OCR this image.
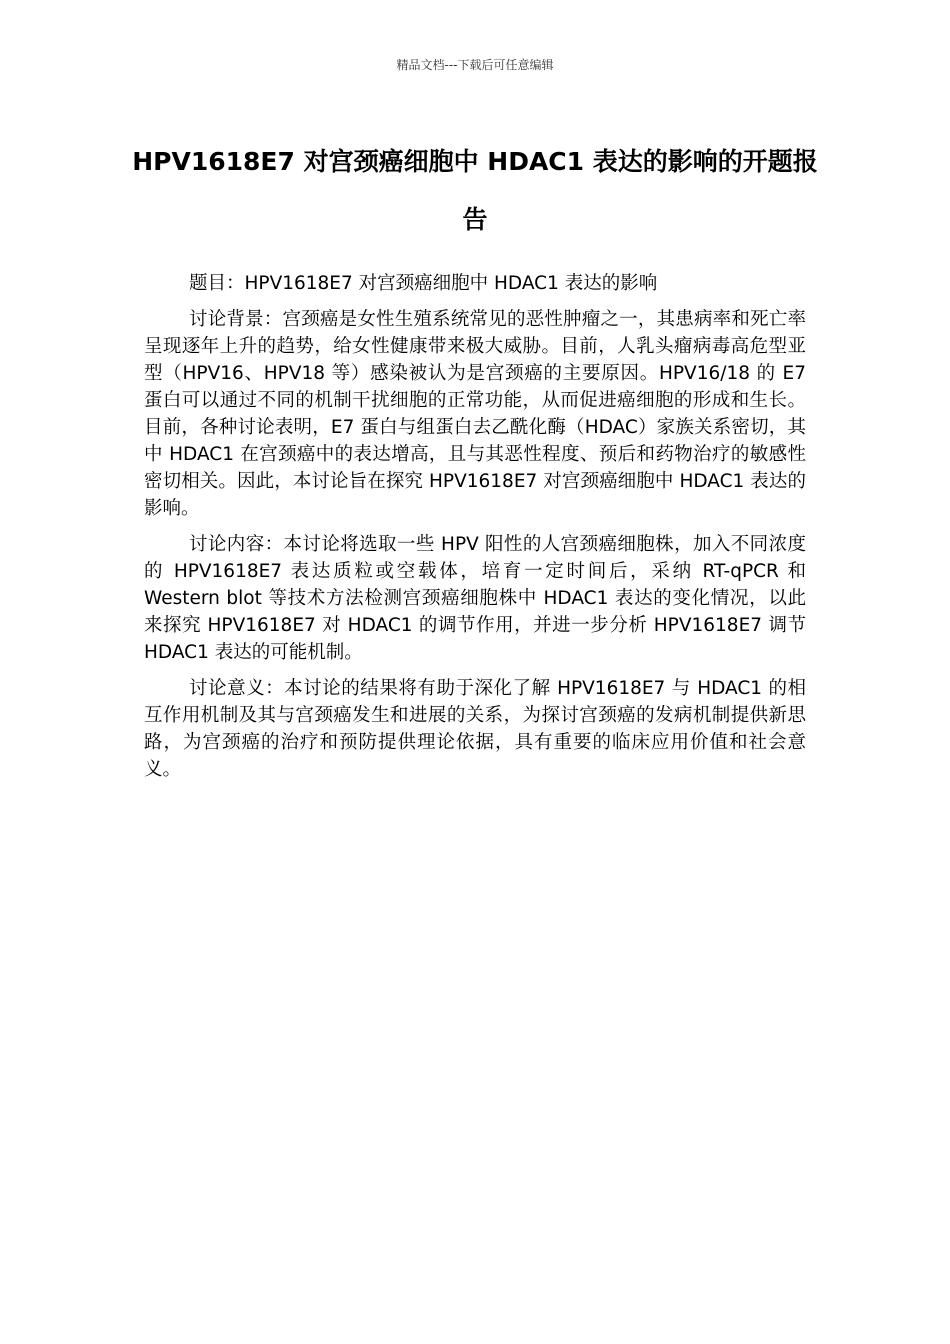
精品文档---下载后可任意编辑
HPV1618E7 对宫颈癌细胞中 HDAC1 表达的影响的开题报告

题目：HPV1618E7 对宫颈癌细胞中 HDAC1 表达的影响

讨论背景：宫颈癌是女性生殖系统常见的恶性肿瘤之一，其患病率和死亡率呈现逐年上升的趋势，给女性健康带来极大威胁。目前，人乳头瘤病毒高危型亚型（HPV16、HPV18 等）感染被认为是宫颈癌的主要原因。HPV16/18 的 E7 蛋白可以通过不同的机制干扰细胞的正常功能，从而促进癌细胞的形成和生长。目前，各种讨论表明，E7 蛋白与组蛋白去乙酰化酶（HDAC）家族关系密切，其中 HDAC1 在宫颈癌中的表达增高，且与其恶性程度、预后和药物治疗的敏感性密切相关。因此，本讨论旨在探究 HPV1618E7 对宫颈癌细胞中 HDAC1 表达的影响。

讨论内容：本讨论将选取一些 HPV 阳性的人宫颈癌细胞株，加入不同浓度的 HPV1618E7 表达质粒或空载体，培育一定时间后，采纳 RT-qPCR 和 Western blot 等技术方法检测宫颈癌细胞株中 HDAC1 表达的变化情况，以此来探究 HPV1618E7 对 HDAC1 的调节作用，并进一步分析 HPV1618E7 调节 HDAC1 表达的可能机制。

讨论意义：本讨论的结果将有助于深化了解 HPV1618E7 与 HDAC1 的相互作用机制及其与宫颈癌发生和进展的关系，为探讨宫颈癌的发病机制提供新思路，为宫颈癌的治疗和预防提供理论依据，具有重要的临床应用价值和社会意义。
